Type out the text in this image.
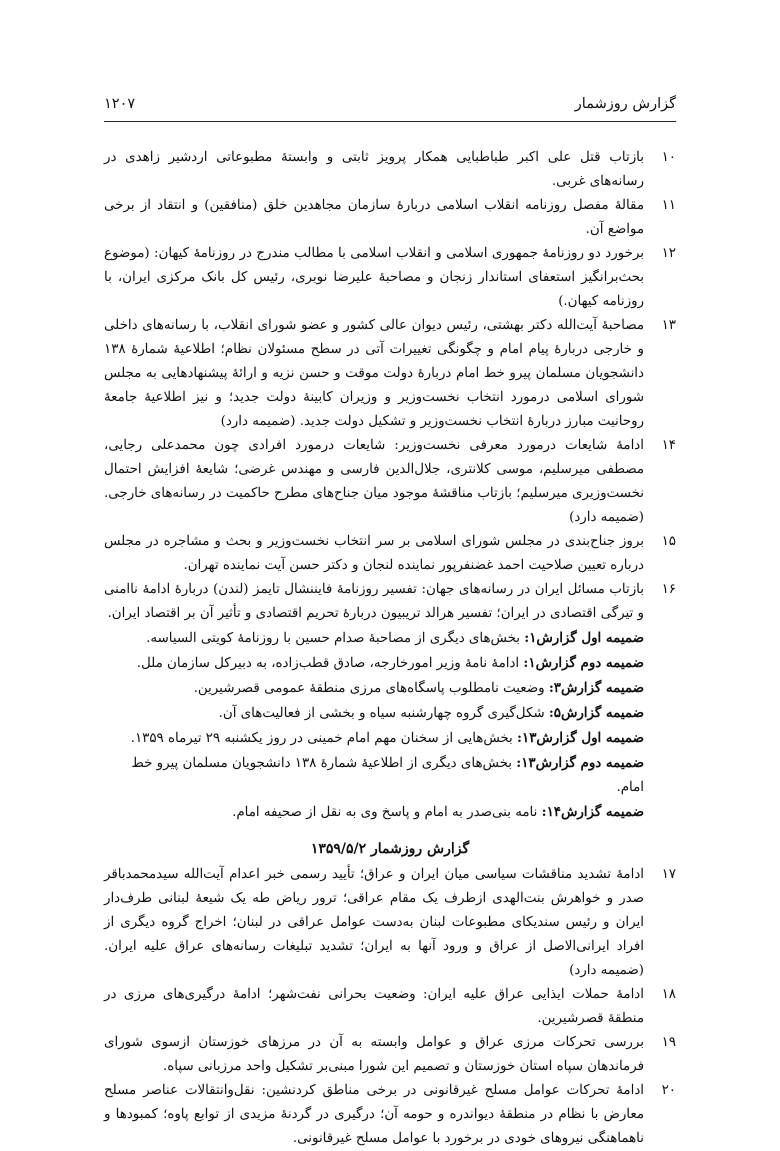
گزارش روزشمار
۱۲۰۷
۱۰
بازتاب قتل علی اکبر طباطبایی همکار پرویز ثابتی و وابستهٔ مطبوعاتی اردشیر زاهدی در رسانه‌های غربی.
۱۱
مقالهٔ مفصل روزنامه انقلاب اسلامی دربارهٔ سازمان مجاهدین خلق (منافقین) و انتقاد از برخی مواضع آن.
۱۲
برخورد دو روزنامهٔ جمهوری اسلامی و انقلاب اسلامی با مطالب مندرج در روزنامهٔ کیهان: (موضوع بحث‌برانگیز استعفای استاندار زنجان و مصاحبهٔ علیرضا نوبری، رئیس کل بانک مرکزی ایران، با روزنامه کیهان.)
۱۳
مصاحبهٔ آیت‌الله دکتر بهشتی، رئیس دیوان عالی کشور و عضو شورای انقلاب، با رسانه‌های داخلی و خارجی دربارهٔ پیام امام و چگونگی تغییرات آتی در سطح مسئولان نظام؛ اطلاعیهٔ شمارهٔ ۱۳۸ دانشجویان مسلمان پیرو خط امام دربارهٔ دولت موقت و حسن نزیه و ارائهٔ پیشنهادهایی به مجلس شورای اسلامی درمورد انتخاب نخست‌وزیر و وزیران کابینهٔ دولت جدید؛ و نیز اطلاعیهٔ جامعهٔ روحانیت مبارز دربارهٔ انتخاب نخست‌وزیر و تشکیل دولت جدید. (ضمیمه دارد)
۱۴
ادامهٔ شایعات درمورد معرفی نخست‌وزیر: شایعات درمورد افرادی چون محمدعلی رجایی، مصطفی میرسلیم، موسی کلانتری، جلال‌الدین فارسی و مهندس غرضی؛ شایعهٔ افزایش احتمال نخست‌وزیری میرسلیم؛ بازتاب مناقشهٔ موجود میان جناح‌های مطرح حاکمیت در رسانه‌های خارجی. (ضمیمه دارد)
۱۵
بروز جناح‌بندی در مجلس شورای اسلامی بر سر انتخاب نخست‌وزیر و بحث و مشاجره در مجلس درباره تعیین صلاحیت احمد غضنفرپور نماینده لنجان و دکتر حسن آیت نماینده تهران.
۱۶
بازتاب مسائل ایران در رسانه‌های جهان: تفسیر روزنامهٔ فایننشال تایمز (لندن) دربارهٔ ادامهٔ ناامنی و تیرگی اقتصادی در ایران؛ تفسیر هرالد تریبیون دربارهٔ تحریم اقتصادی و تأثیر آن بر اقتصاد ایران.
ضمیمه اول گزارش۱: بخش‌های دیگری از مصاحبهٔ صدام حسین با روزنامهٔ کویتی السیاسه.
ضمیمه دوم گزارش۱: ادامهٔ نامهٔ وزیر امورخارجه، صادق قطب‌زاده، به دبیرکل سازمان ملل.
ضمیمه گزارش۳: وضعیت نامطلوب پاسگاه‌های مرزی منطقهٔ عمومی قصرشیرین.
ضمیمه گزارش۵: شکل‌گیری گروه چهارشنبه سیاه و بخشی از فعالیت‌های آن.
ضمیمه اول گزارش۱۳: بخش‌هایی از سخنان مهم امام خمینی در روز یکشنبه ۲۹ تیرماه ۱۳۵۹.
ضمیمه دوم گزارش۱۳: بخش‌های دیگری از اطلاعیهٔ شمارهٔ ۱۳۸ دانشجویان مسلمان پیرو خط امام.
ضمیمه گزارش۱۴: نامه بنی‌صدر به امام و پاسخ وی به نقل از صحیفه امام.
گزارش روزشمار ۱۳۵۹/۵/۲
۱۷
ادامهٔ تشدید مناقشات سیاسی میان ایران و عراق؛ تأیید رسمی خبر اعدام آیت‌الله سیدمحمدباقر صدر و خواهرش بنت‌الهدی ازطرف یک مقام عراقی؛ ترور ریاض طه یک شیعهٔ لبنانی طرف‌دار ایران و رئیس سندیکای مطبوعات لبنان به‌دست عوامل عراقی در لبنان؛ اخراج گروه دیگری از افراد ایرانی‌الاصل از عراق و ورود آنها به ایران؛ تشدید تبلیغات رسانه‌های عراق علیه ایران. (ضمیمه دارد)
۱۸
ادامهٔ حملات ایذایی عراق علیه ایران: وضعیت بحرانی نفت‌شهر؛ ادامهٔ درگیری‌های مرزی در منطقهٔ قصرشیرین.
۱۹
بررسی تحرکات مرزی عراق و عوامل وابسته به آن در مرزهای خوزستان ازسوی شورای فرماندهان سپاه استان خوزستان و تصمیم این شورا مبنی‌بر تشکیل واحد مرزبانی سپاه.
۲۰
ادامهٔ تحرکات عوامل مسلح غیرقانونی در برخی مناطق کردنشین: نقل‌وانتقالات عناصر مسلح معارض با نظام در منطقهٔ دیواندره و حومه آن؛ درگیری در گردنهٔ مزیدی از توابع پاوه؛ کمبودها و ناهماهنگی نیروهای خودی در برخورد با عوامل مسلح غیرقانونی.
